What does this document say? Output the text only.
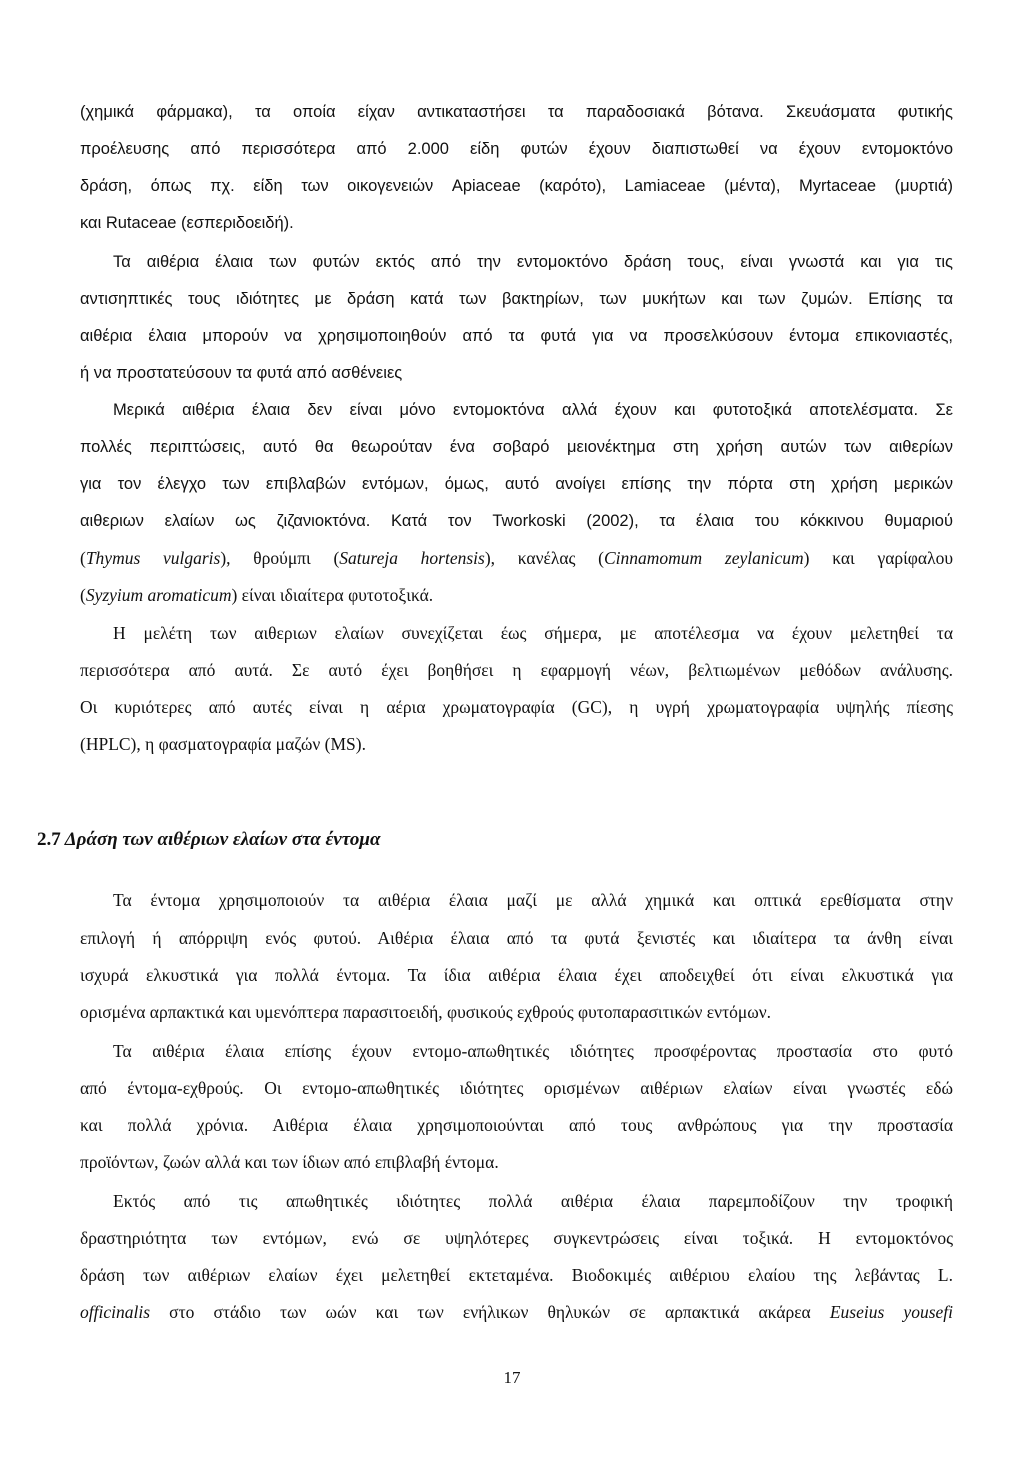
(χημικά φάρμακα), τα οποία είχαν αντικαταστήσει τα παραδοσιακά βότανα. Σκευάσματα φυτικής
προέλευσης από περισσότερα από 2.000 είδη φυτών έχουν διαπιστωθεί να έχουν εντομοκτόνο
δράση, όπως πχ. είδη των οικογενειών Apiaceae (καρότο), Lamiaceae (μέντα), Myrtaceae (μυρτιά)
και Rutaceae (εσπεριδοειδή).
Τα αιθέρια έλαια των φυτών εκτός από την εντομοκτόνο δράση τους, είναι γνωστά και για τις
αντισηπτικές τους ιδιότητες με δράση κατά των βακτηρίων, των μυκήτων και των ζυμών. Επίσης τα
αιθέρια έλαια μπορούν να χρησιμοποιηθούν από τα φυτά για να προσελκύσουν έντομα επικονιαστές,
ή να προστατεύσουν τα φυτά από ασθένειες
Μερικά αιθέρια έλαια δεν είναι μόνο εντομοκτόνα αλλά έχουν και φυτοτοξικά αποτελέσματα. Σε
πολλές περιπτώσεις, αυτό θα θεωρούταν ένα σοβαρό μειονέκτημα στη χρήση αυτών των αιθερίων
για τον έλεγχο των επιβλαβών εντόμων, όμως, αυτό ανοίγει επίσης την πόρτα στη χρήση μερικών
αιθεριων ελαίων ως ζιζανιοκτόνα. Κατά τον Tworkoski (2002), τα έλαια του κόκκινου θυμαριού
(Thymus vulgaris), θρούμπι (Satureja hortensis), κανέλας (Cinnamomum zeylanicum) και γαρίφαλου
(Syzyium aromaticum) είναι ιδιαίτερα φυτοτοξικά.
Η μελέτη των αιθεριων ελαίων συνεχίζεται έως σήμερα, με αποτέλεσμα να έχουν μελετηθεί τα
περισσότερα από αυτά. Σε αυτό έχει βοηθήσει η εφαρμογή νέων, βελτιωμένων μεθόδων ανάλυσης.
Οι κυριότερες από αυτές είναι η αέρια χρωματογραφία (GC), η υγρή χρωματογραφία υψηλής πίεσης
(HPLC), η φασματογραφία μαζών (MS).
2.7 Δράση των αιθέριων ελαίων στα έντομα
Τα έντομα χρησιμοποιούν τα αιθέρια έλαια μαζί με αλλά χημικά και οπτικά ερεθίσματα στην
επιλογή ή απόρριψη ενός φυτού. Αιθέρια έλαια από τα φυτά ξενιστές και ιδιαίτερα τα άνθη είναι
ισχυρά ελκυστικά για πολλά έντομα. Τα ίδια αιθέρια έλαια έχει αποδειχθεί ότι είναι ελκυστικά για
ορισμένα αρπακτικά και υμενόπτερα παρασιτοειδή, φυσικούς εχθρούς φυτοπαρασιτικών εντόμων.
Τα αιθέρια έλαια επίσης έχουν εντομο-απωθητικές ιδιότητες προσφέροντας προστασία στο φυτό
από έντομα-εχθρούς. Οι εντομο-απωθητικές ιδιότητες ορισμένων αιθέριων ελαίων είναι γνωστές εδώ
και πολλά χρόνια. Αιθέρια έλαια χρησιμοποιούνται από τους ανθρώπους για την προστασία
προϊόντων, ζωών αλλά και των ίδιων από επιβλαβή έντομα.
Εκτός από τις απωθητικές ιδιότητες πολλά αιθέρια έλαια παρεμποδίζουν την τροφική
δραστηριότητα των εντόμων, ενώ σε υψηλότερες συγκεντρώσεις είναι τοξικά. Η εντομοκτόνος
δράση των αιθέριων ελαίων έχει μελετηθεί εκτεταμένα. Βιοδοκιμές αιθέριου ελαίου της λεβάντας L.
officinalis στο στάδιο των ωών και των ενήλικων θηλυκών σε αρπακτικά ακάρεα Euseius yousefi
17
